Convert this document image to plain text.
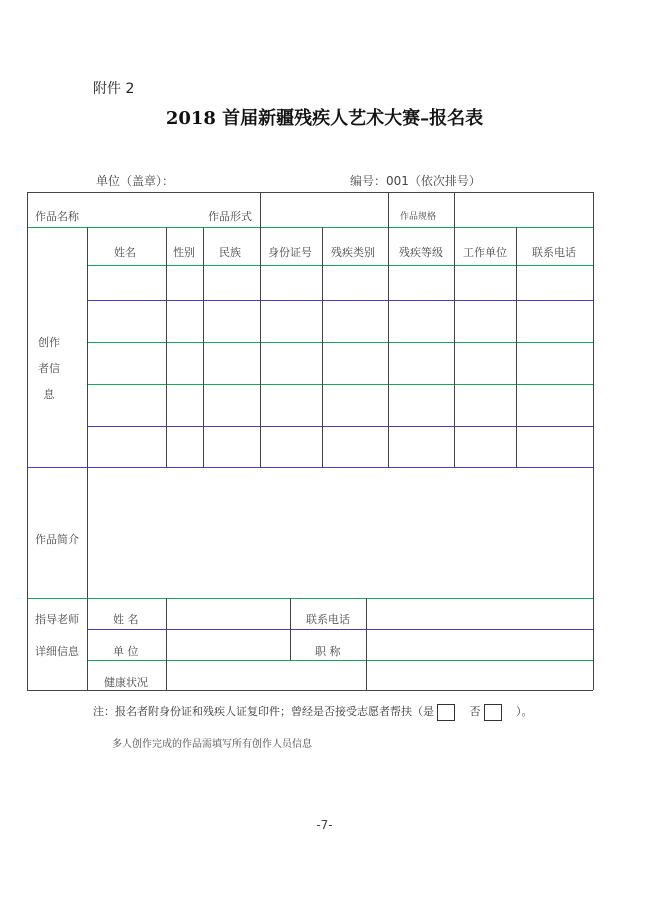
附件 2
2018 首届新疆残疾人艺术大赛–报名表
单位（盖章）：	编号：001（依次排号）
作品名称	作品形式	作品规格
创作者信息
姓名	性别 民族 身份证号 残疾类别 残疾等级 工作单位 联系电话
作品简介
指导老师
详细信息
姓 名	联系电话
单 位	职 称
健康状况
注：报名者附身份证和残疾人证复印件；曾经是否接受志愿者帮扶（是	否	）。
多人创作完成的作品需填写所有创作人员信息
-7-
